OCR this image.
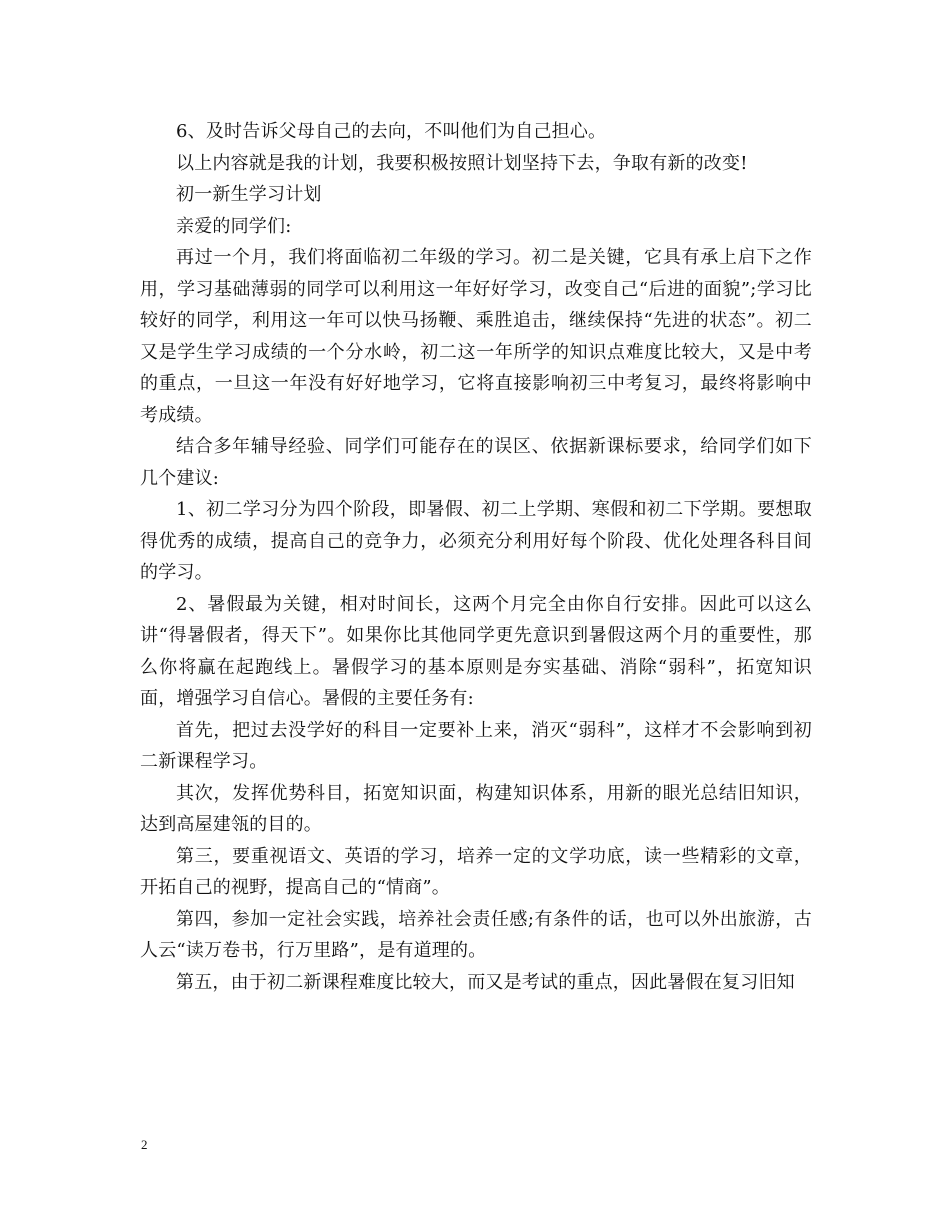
6、及时告诉父母自己的去向，不叫他们为自己担心。

以上内容就是我的计划，我要积极按照计划坚持下去，争取有新的改变!

初一新生学习计划

亲爱的同学们:

再过一个月，我们将面临初二年级的学习。初二是关键，它具有承上启下之作用，学习基础薄弱的同学可以利用这一年好好学习，改变自己“后进的面貌”;学习比较好的同学，利用这一年可以快马扬鞭、乘胜追击，继续保持“先进的状态”。初二又是学生学习成绩的一个分水岭，初二这一年所学的知识点难度比较大，又是中考的重点，一旦这一年没有好好地学习，它将直接影响初三中考复习，最终将影响中考成绩。

结合多年辅导经验、同学们可能存在的误区、依据新课标要求，给同学们如下几个建议:

1、初二学习分为四个阶段，即暑假、初二上学期、寒假和初二下学期。要想取得优秀的成绩，提高自己的竞争力，必须充分利用好每个阶段、优化处理各科目间的学习。

2、暑假最为关键，相对时间长，这两个月完全由你自行安排。因此可以这么讲“得暑假者，得天下”。如果你比其他同学更先意识到暑假这两个月的重要性，那么你将赢在起跑线上。暑假学习的基本原则是夯实基础、消除“弱科”，拓宽知识面，增强学习自信心。暑假的主要任务有:

首先，把过去没学好的科目一定要补上来，消灭“弱科”，这样才不会影响到初二新课程学习。

其次，发挥优势科目，拓宽知识面，构建知识体系，用新的眼光总结旧知识，达到高屋建瓴的目的。

第三，要重视语文、英语的学习，培养一定的文学功底，读一些精彩的文章，开拓自己的视野，提高自己的“情商”。

第四，参加一定社会实践，培养社会责任感;有条件的话，也可以外出旅游，古人云“读万卷书，行万里路”，是有道理的。

第五，由于初二新课程难度比较大，而又是考试的重点，因此暑假在复习旧知

2
